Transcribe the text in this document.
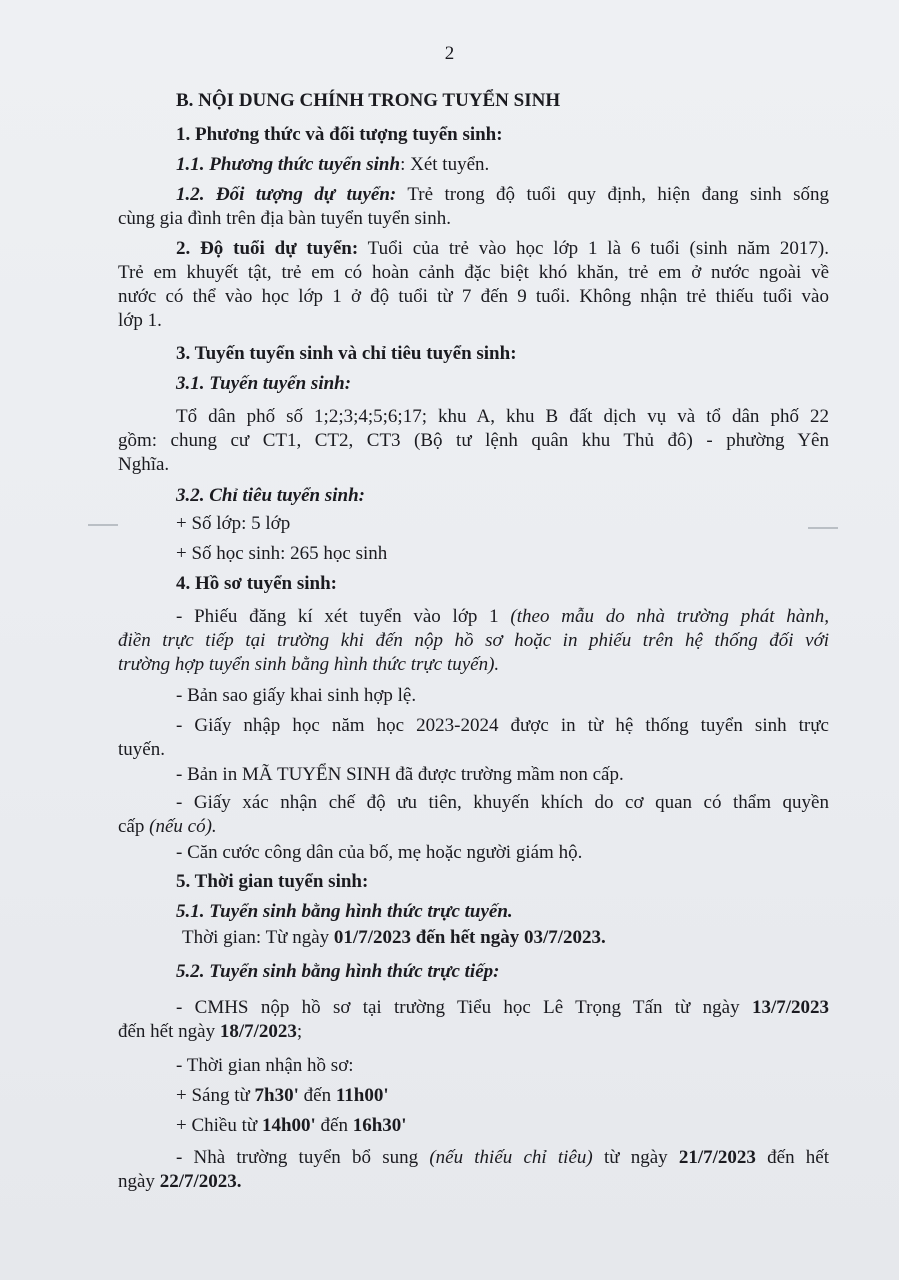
2
B. NỘI DUNG CHÍNH TRONG TUYỂN SINH
1. Phương thức và đối tượng tuyển sinh:
1.1. Phương thức tuyển sinh: Xét tuyển.
1.2. Đối tượng dự tuyển: Trẻ trong độ tuổi quy định, hiện đang sinh sống
cùng gia đình trên địa bàn tuyển tuyển sinh.
2. Độ tuổi dự tuyển: Tuổi của trẻ vào học lớp 1 là 6 tuổi (sinh năm 2017).
Trẻ em khuyết tật, trẻ em có hoàn cảnh đặc biệt khó khăn, trẻ em ở nước ngoài về
nước có thể vào học lớp 1 ở độ tuổi từ 7 đến 9 tuổi. Không nhận trẻ thiếu tuổi vào
lớp 1.
3. Tuyến tuyển sinh và chỉ tiêu tuyển sinh:
3.1. Tuyến tuyển sinh:
Tổ dân phố số 1;2;3;4;5;6;17; khu A, khu B đất dịch vụ và tổ dân phố 22
gồm: chung cư CT1, CT2, CT3 (Bộ tư lệnh quân khu Thủ đô) - phường Yên
Nghĩa.
3.2. Chỉ tiêu tuyển sinh:
+ Số lớp: 5 lớp
+ Số học sinh: 265 học sinh
4. Hồ sơ tuyển sinh:
- Phiếu đăng kí xét tuyển vào lớp 1 (theo mẫu do nhà trường phát hành,
điền trực tiếp tại trường khi đến nộp hồ sơ hoặc in phiếu trên hệ thống đối với
trường hợp tuyển sinh bằng hình thức trực tuyến).
- Bản sao giấy khai sinh hợp lệ.
- Giấy nhập học năm học 2023-2024 được in từ hệ thống tuyển sinh trực
tuyến.
- Bản in MÃ TUYỂN SINH đã được trường mầm non cấp.
- Giấy xác nhận chế độ ưu tiên, khuyến khích do cơ quan có thẩm quyền
cấp (nếu có).
- Căn cước công dân của bố, mẹ hoặc người giám hộ.
5. Thời gian tuyển sinh:
5.1. Tuyển sinh bằng hình thức trực tuyến.
Thời gian: Từ ngày 01/7/2023 đến hết ngày 03/7/2023.
5.2. Tuyển sinh bằng hình thức trực tiếp:
- CMHS nộp hồ sơ tại trường Tiểu học Lê Trọng Tấn từ ngày 13/7/2023
đến hết ngày 18/7/2023;
- Thời gian nhận hồ sơ:
+ Sáng từ 7h30' đến 11h00'
+ Chiều từ 14h00' đến 16h30'
- Nhà trường tuyển bổ sung (nếu thiếu chỉ tiêu) từ ngày 21/7/2023 đến hết
ngày 22/7/2023.
